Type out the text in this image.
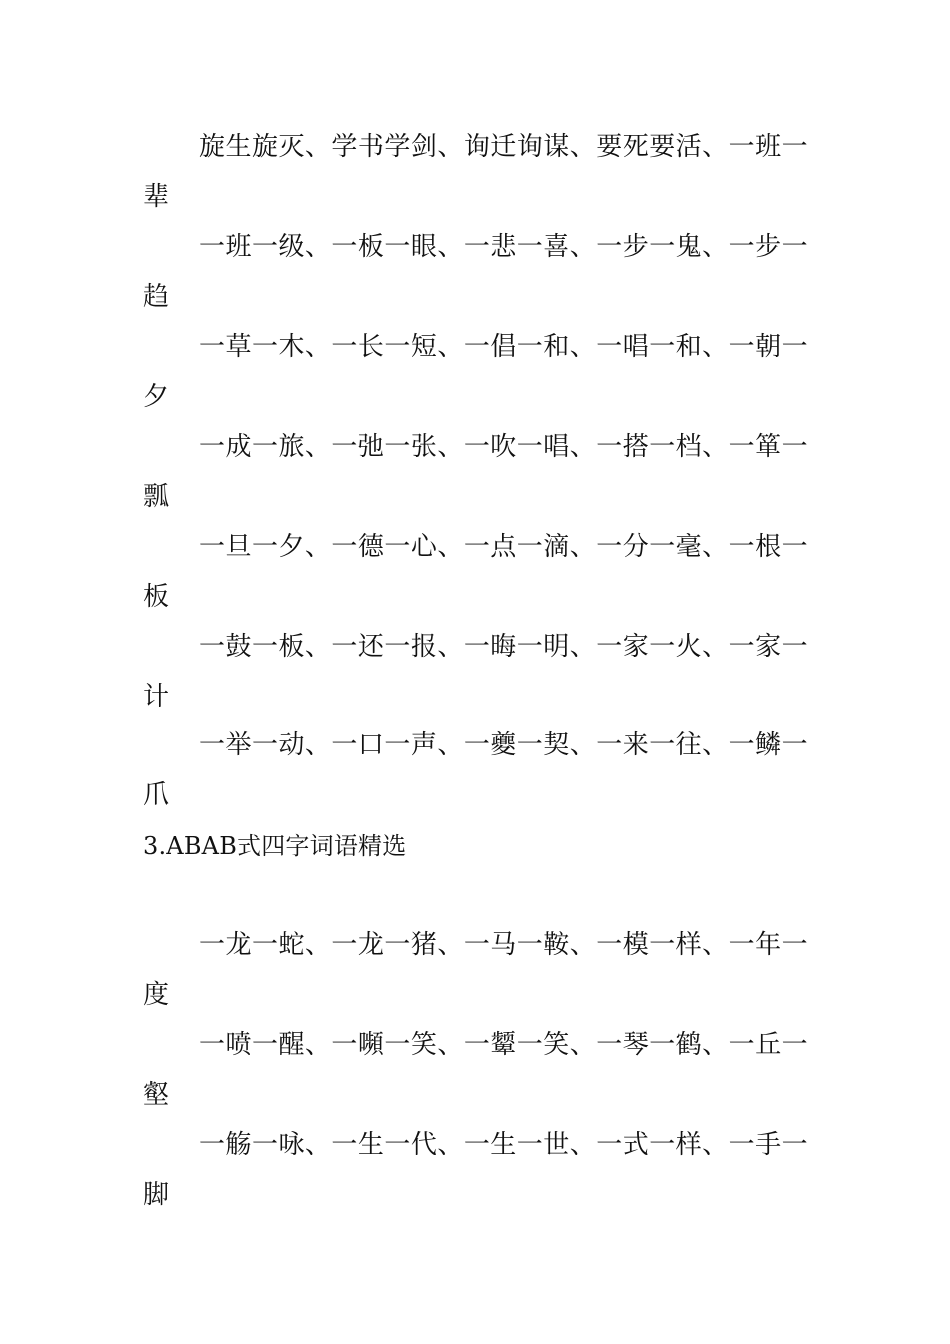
旋生旋灭、学书学剑、询迁询谋、要死要活、一班一辈

一班一级、一板一眼、一悲一喜、一步一鬼、一步一趋

一草一木、一长一短、一倡一和、一唱一和、一朝一夕

一成一旅、一弛一张、一吹一唱、一搭一档、一箪一瓢

一旦一夕、一德一心、一点一滴、一分一毫、一根一板

一鼓一板、一还一报、一晦一明、一家一火、一家一计

一举一动、一口一声、一夔一契、一来一往、一鳞一爪

3.ABAB式四字词语精选

一龙一蛇、一龙一猪、一马一鞍、一模一样、一年一度

一喷一醒、一嚬一笑、一颦一笑、一琴一鹤、一丘一壑

一觞一咏、一生一代、一生一世、一式一样、一手一脚
